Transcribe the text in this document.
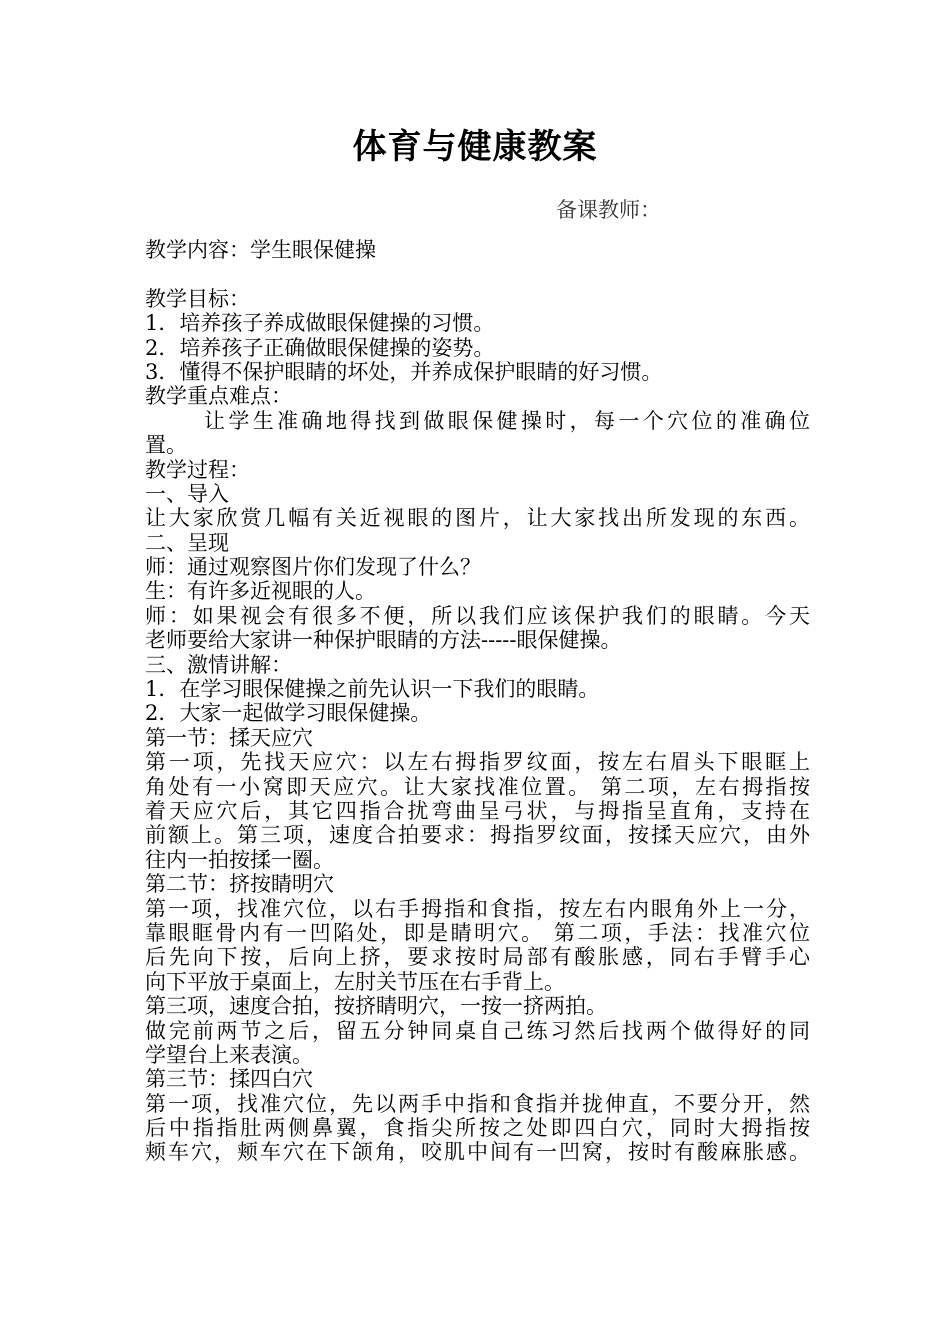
体育与健康教案
备课教师：
教学内容：学生眼保健操
教学目标：
1．培养孩子养成做眼保健操的习惯。
2．培养孩子正确做眼保健操的姿势。
3．懂得不保护眼睛的坏处，并养成保护眼睛的好习惯。
教学重点难点：
让学生准确地得找到做眼保健操时，每一个穴位的准确位
置。
教学过程：
一、导入
让大家欣赏几幅有关近视眼的图片，让大家找出所发现的东西。
二、呈现
师：通过观察图片你们发现了什么？
生：有许多近视眼的人。
师：如果视会有很多不便，所以我们应该保护我们的眼睛。今天
老师要给大家讲一种保护眼睛的方法-----眼保健操。
三、激情讲解：
1．在学习眼保健操之前先认识一下我们的眼睛。
2．大家一起做学习眼保健操。
第一节：揉天应穴
第一项，先找天应穴：以左右拇指罗纹面，按左右眉头下眼眶上
角处有一小窝即天应穴。让大家找准位置。 第二项，左右拇指按
着天应穴后，其它四指合扰弯曲呈弓状，与拇指呈直角，支持在
前额上。第三项，速度合拍要求：拇指罗纹面，按揉天应穴，由外
往内一拍按揉一圈。
第二节：挤按睛明穴
第一项，找准穴位，以右手拇指和食指，按左右内眼角外上一分，
靠眼眶骨内有一凹陷处，即是睛明穴。 第二项，手法：找准穴位
后先向下按，后向上挤，要求按时局部有酸胀感，同右手臂手心
向下平放于桌面上，左肘关节压在右手背上。
第三项，速度合拍，按挤睛明穴，一按一挤两拍。
做完前两节之后，留五分钟同桌自己练习然后找两个做得好的同
学望台上来表演。
第三节：揉四白穴
第一项，找准穴位，先以两手中指和食指并拢伸直，不要分开，然
后中指指肚两侧鼻翼，食指尖所按之处即四白穴，同时大拇指按
颊车穴，颊车穴在下颌角，咬肌中间有一凹窝，按时有酸麻胀感。
